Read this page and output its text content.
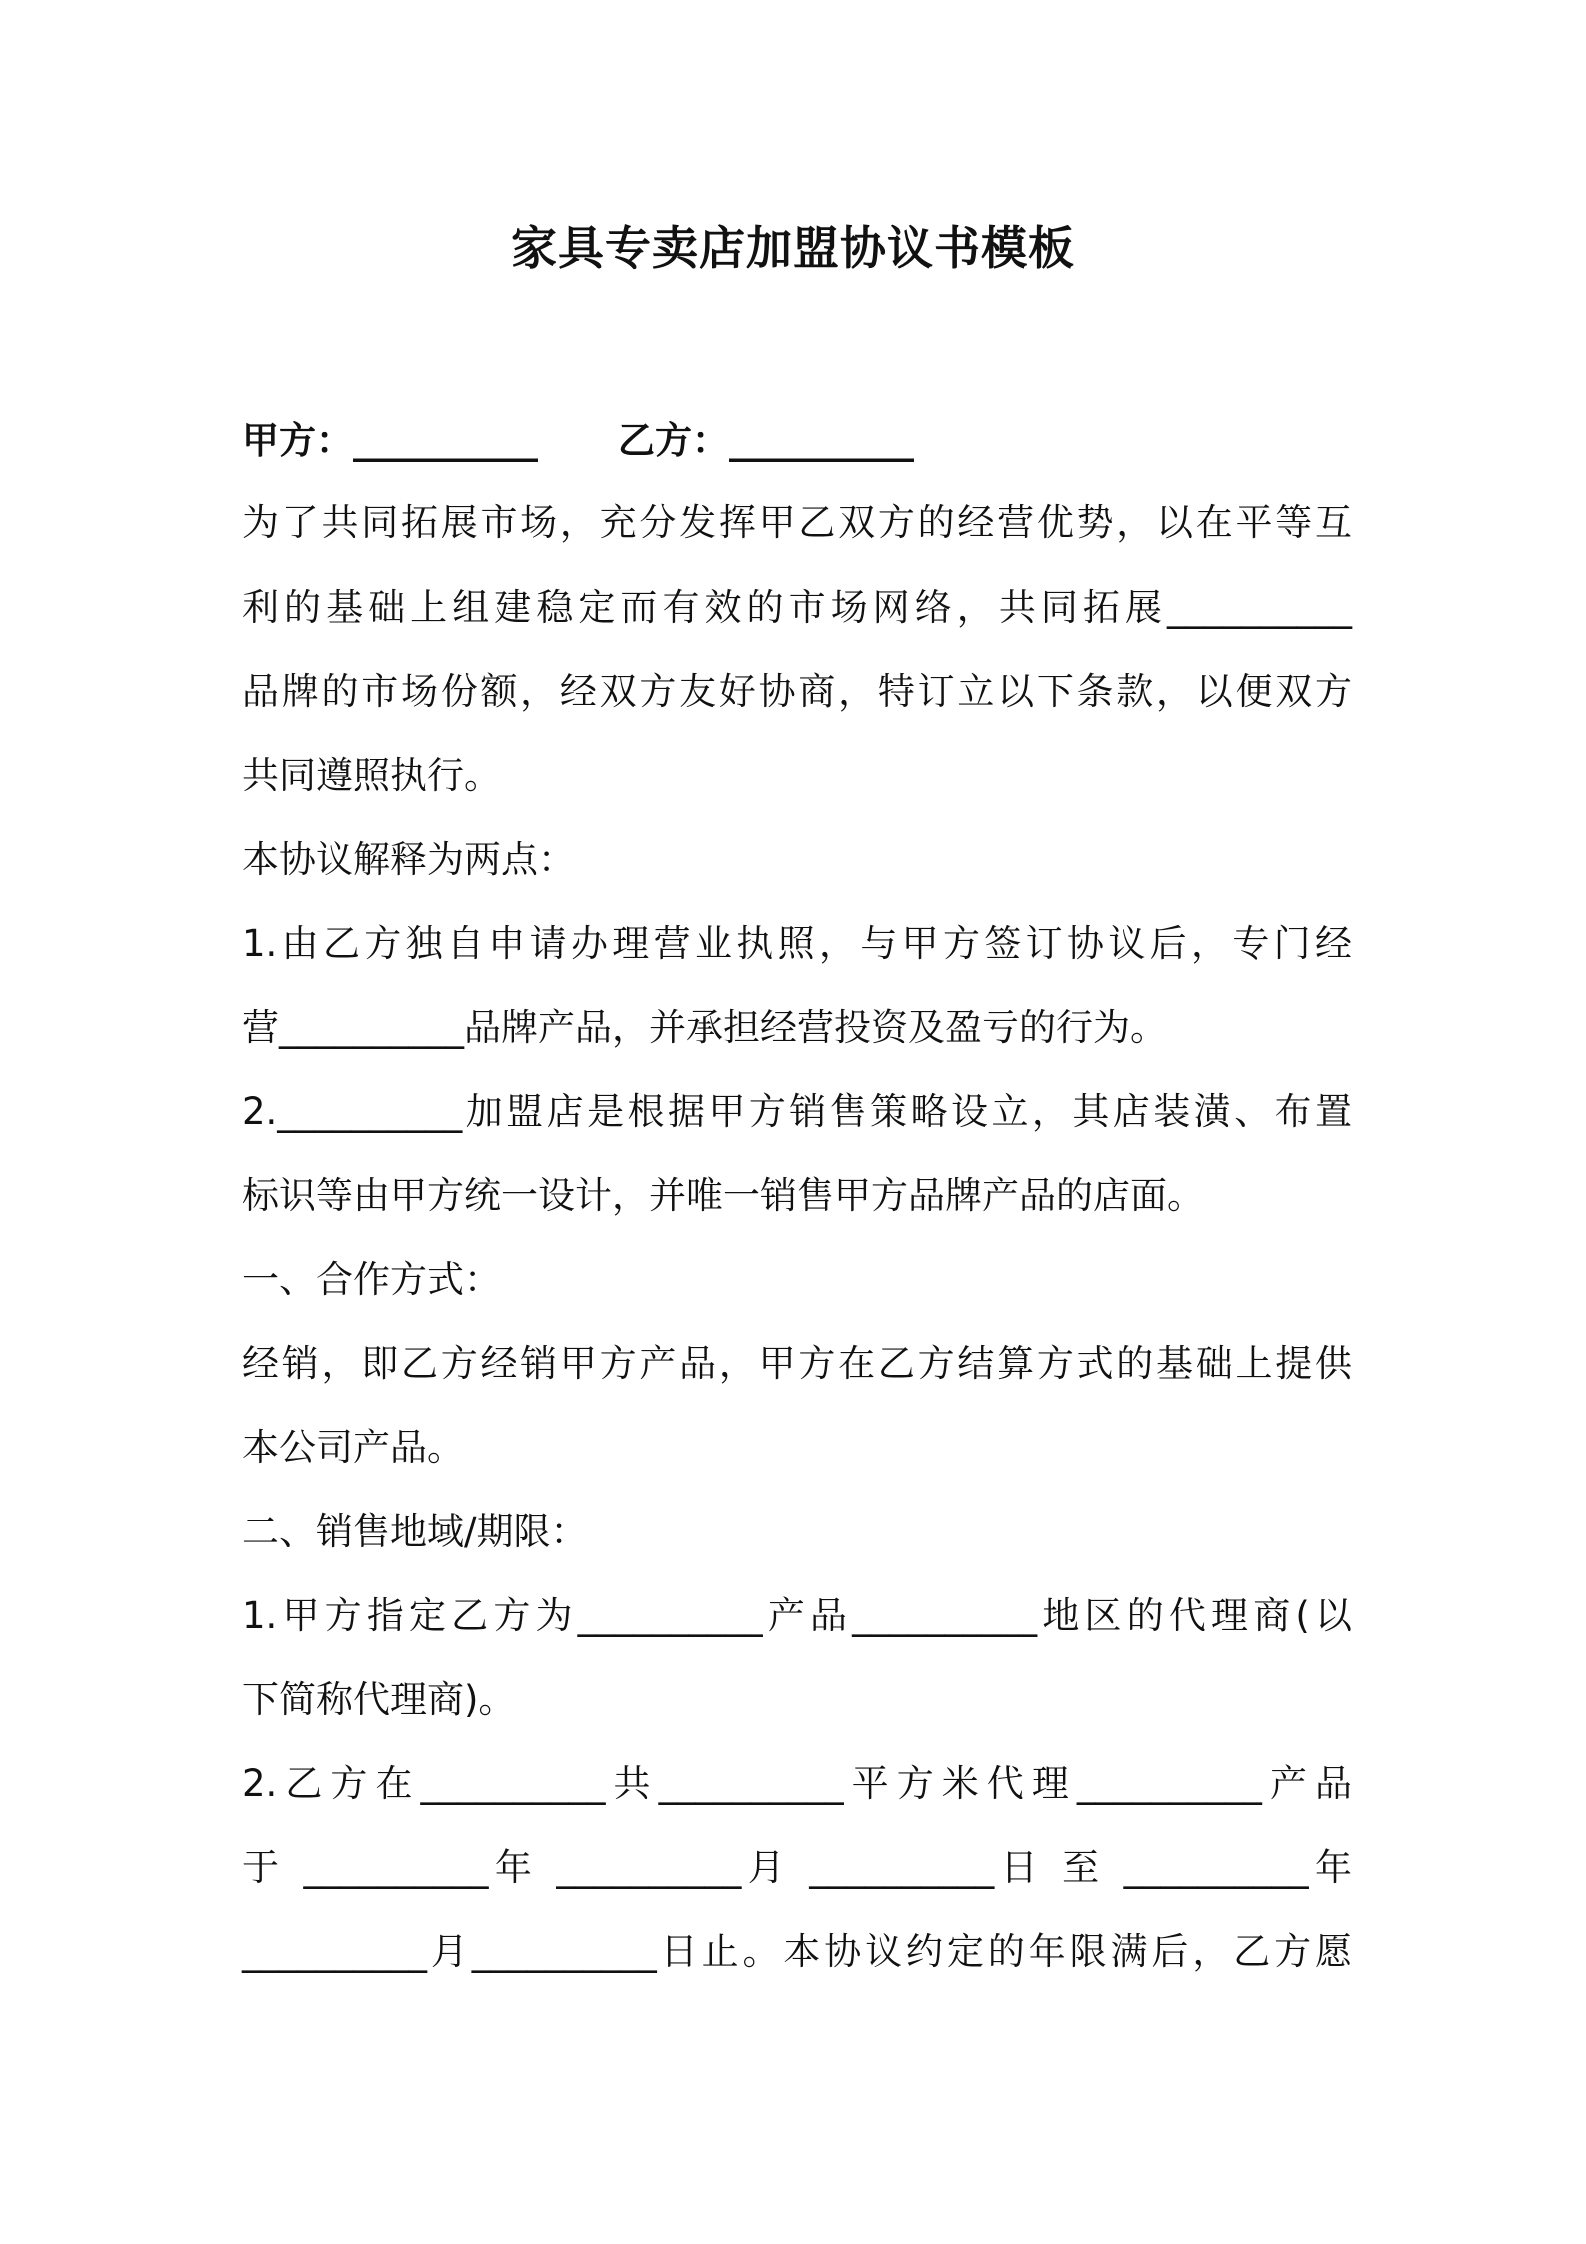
家具专卖店加盟协议书模板
甲方：__________ 乙方：__________
为了共同拓展市场，充分发挥甲乙双方的经营优势，以在平等互
利的基础上组建稳定而有效的市场网络，共同拓展__________
品牌的市场份额，经双方友好协商，特订立以下条款，以便双方
共同遵照执行。
本协议解释为两点：
1.由乙方独自申请办理营业执照，与甲方签订协议后，专门经
营__________品牌产品，并承担经营投资及盈亏的行为。
2.__________加盟店是根据甲方销售策略设立，其店装潢、布置
标识等由甲方统一设计，并唯一销售甲方品牌产品的店面。
一、合作方式：
经销，即乙方经销甲方产品，甲方在乙方结算方式的基础上提供
本公司产品。
二、销售地域/期限：
1.甲方指定乙方为__________产品__________地区的代理商(以
下简称代理商)。
2.乙方在__________共__________平方米代理__________产品
于 __________年 __________月 __________日 至 __________年
__________月__________日止。本协议约定的年限满后，乙方愿
